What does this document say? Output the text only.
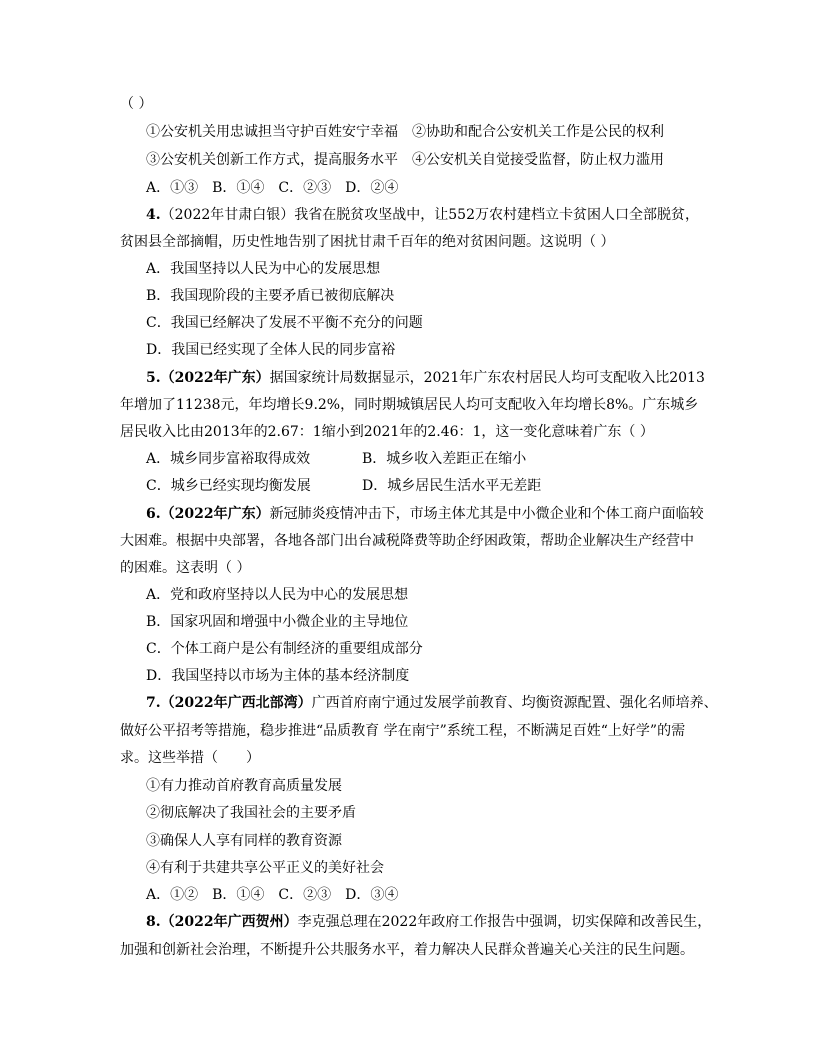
（ ）
①公安机关用忠诚担当守护百姓安宁幸福　②协助和配合公安机关工作是公民的权利
③公安机关创新工作方式，提高服务水平　④公安机关自觉接受监督，防止权力滥用
A．①③　B．①④　C．②③　D．②④
4.（2022年甘肃白银）我省在脱贫攻坚战中，让552万农村建档立卡贫困人口全部脱贫，
贫困县全部摘帽，历史性地告别了困扰甘肃千百年的绝对贫困问题。这说明（ ）
A．我国坚持以人民为中心的发展思想
B．我国现阶段的主要矛盾已被彻底解决
C．我国已经解决了发展不平衡不充分的问题
D．我国已经实现了全体人民的同步富裕
5.（2022年广东）据国家统计局数据显示，2021年广东农村居民人均可支配收入比2013
年增加了11238元，年均增长9.2%，同时期城镇居民人均可支配收入年均增长8%。广东城乡
居民收入比由2013年的2.67：1缩小到2021年的2.46：1，这一变化意味着广东（ ）
A．城乡同步富裕取得成效	B．城乡收入差距正在缩小
C．城乡已经实现均衡发展	D．城乡居民生活水平无差距
6.（2022年广东）新冠肺炎疫情冲击下，市场主体尤其是中小微企业和个体工商户面临较
大困难。根据中央部署，各地各部门出台减税降费等助企纾困政策，帮助企业解决生产经营中
的困难。这表明（ ）
A．党和政府坚持以人民为中心的发展思想
B．国家巩固和增强中小微企业的主导地位
C．个体工商户是公有制经济的重要组成部分
D．我国坚持以市场为主体的基本经济制度
7.（2022年广西北部湾）广西首府南宁通过发展学前教育、均衡资源配置、强化名师培养、
做好公平招考等措施，稳步推进“品质教育 学在南宁”系统工程，不断满足百姓“上好学”的需
求。这些举措（　　）
①有力推动首府教育高质量发展
②彻底解决了我国社会的主要矛盾
③确保人人享有同样的教育资源
④有利于共建共享公平正义的美好社会
A．①②　B．①④　C．②③　D．③④
8.（2022年广西贺州）李克强总理在2022年政府工作报告中强调，切实保障和改善民生，
加强和创新社会治理，不断提升公共服务水平，着力解决人民群众普遍关心关注的民生问题。
